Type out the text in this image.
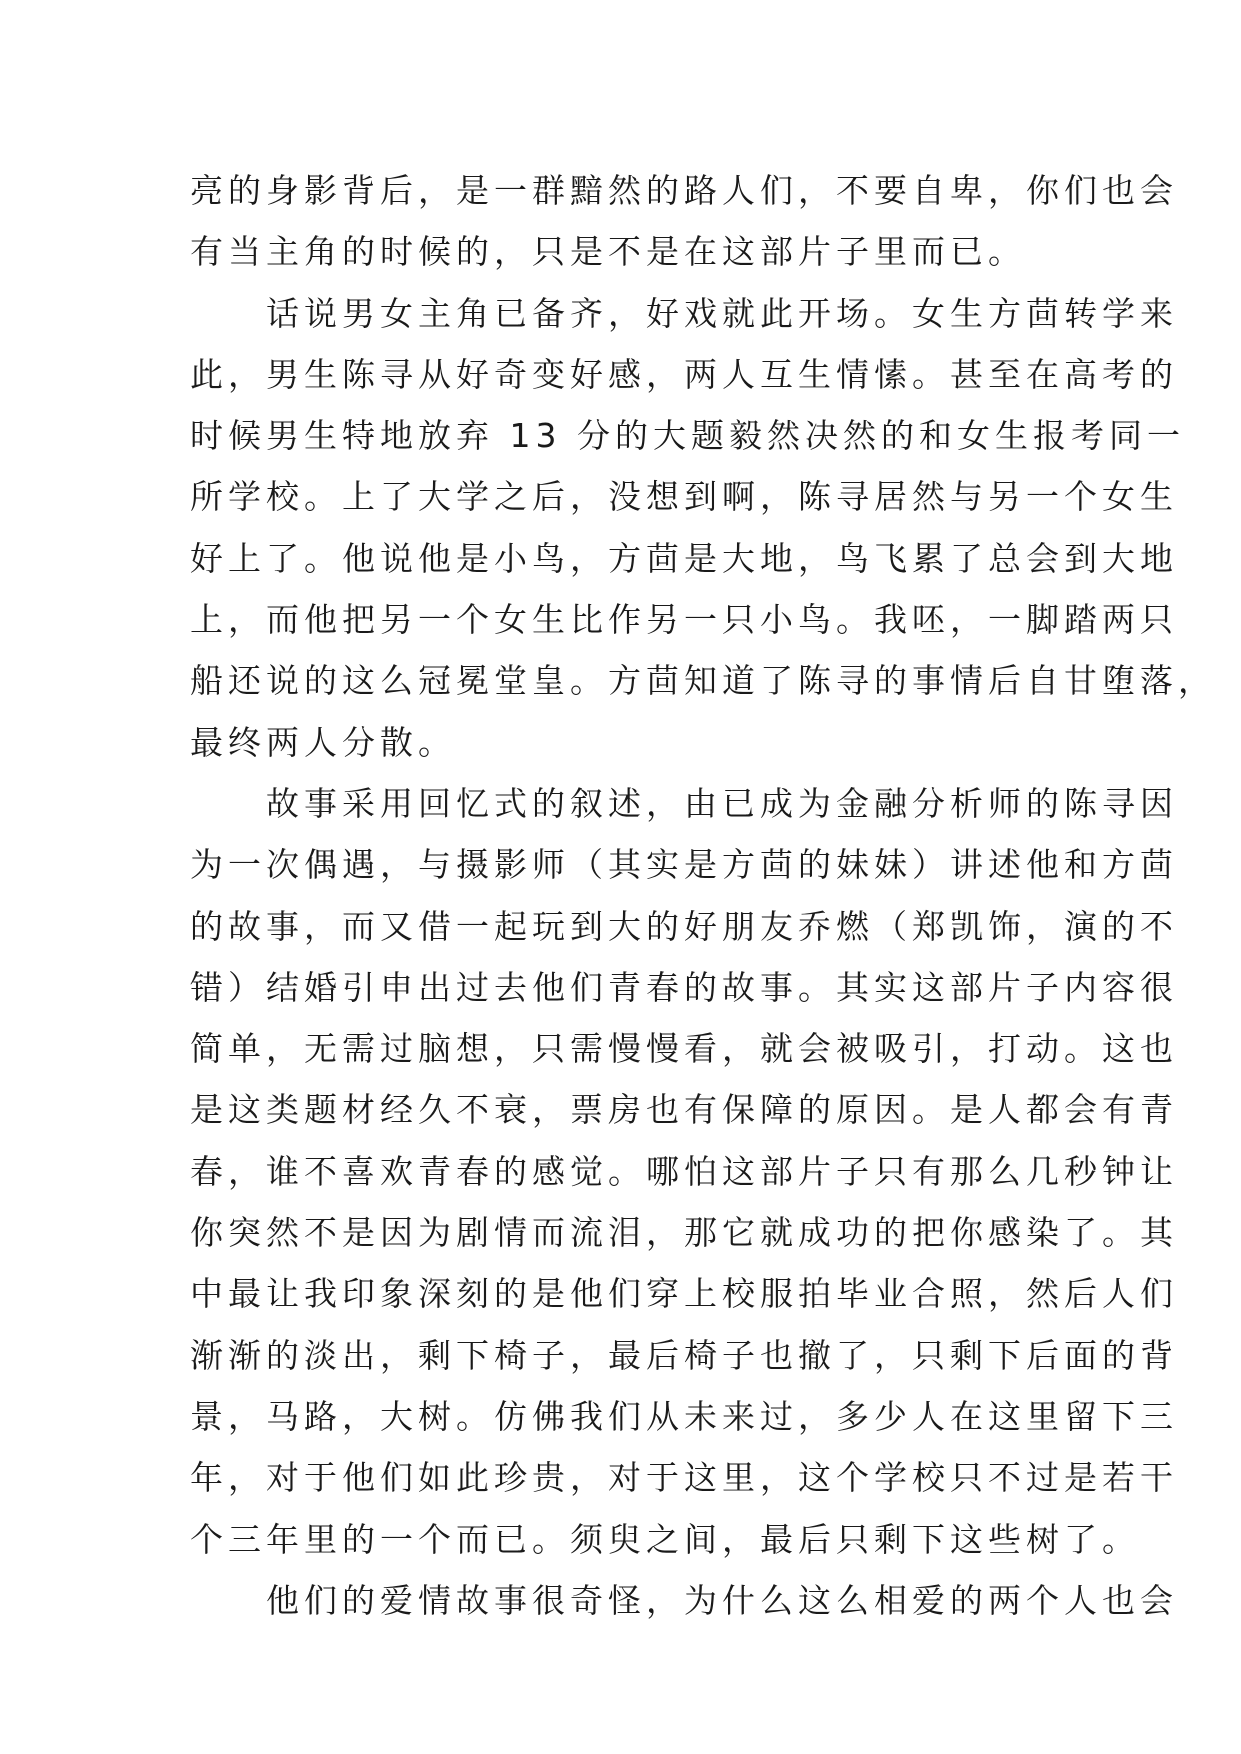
亮的身影背后，是一群黯然的路人们，不要自卑，你们也会
有当主角的时候的，只是不是在这部片子里而已。
话说男女主角已备齐，好戏就此开场。女生方茴转学来
此，男生陈寻从好奇变好感，两人互生情愫。甚至在高考的
时候男生特地放弃 13 分的大题毅然决然的和女生报考同一
所学校。上了大学之后，没想到啊，陈寻居然与另一个女生
好上了。他说他是小鸟，方茴是大地，鸟飞累了总会到大地
上，而他把另一个女生比作另一只小鸟。我呸，一脚踏两只
船还说的这么冠冕堂皇。方茴知道了陈寻的事情后自甘堕落，
最终两人分散。
故事采用回忆式的叙述，由已成为金融分析师的陈寻因
为一次偶遇，与摄影师（其实是方茴的妹妹）讲述他和方茴
的故事，而又借一起玩到大的好朋友乔燃（郑凯饰，演的不
错）结婚引申出过去他们青春的故事。其实这部片子内容很
简单，无需过脑想，只需慢慢看，就会被吸引，打动。这也
是这类题材经久不衰，票房也有保障的原因。是人都会有青
春，谁不喜欢青春的感觉。哪怕这部片子只有那么几秒钟让
你突然不是因为剧情而流泪，那它就成功的把你感染了。其
中最让我印象深刻的是他们穿上校服拍毕业合照，然后人们
渐渐的淡出，剩下椅子，最后椅子也撤了，只剩下后面的背
景，马路，大树。仿佛我们从未来过，多少人在这里留下三
年，对于他们如此珍贵，对于这里，这个学校只不过是若干
个三年里的一个而已。须臾之间，最后只剩下这些树了。
他们的爱情故事很奇怪，为什么这么相爱的两个人也会
